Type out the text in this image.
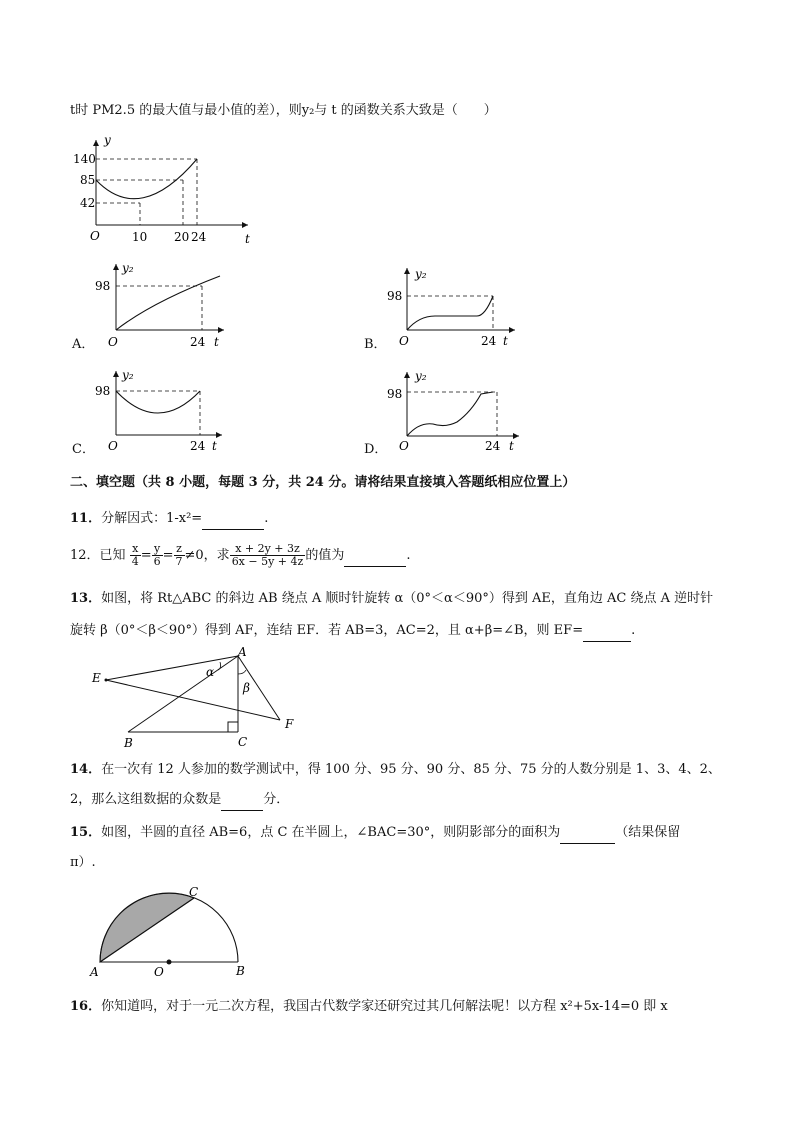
t时 PM2.5 的最大值与最小值的差），则y₂与 t 的函数关系大致是（　　）
y
t
O
140
85
42
10 20 24
A．
y₂
98
O	24 t	B．
y₂
98
O	24 t
C．
y₂
98
O	24 t	D．
y₂
98
O	24 t
二、填空题（共 8 小题，每题 3 分，共 24 分。请将结果直接填入答题纸相应位置上）
11．分解因式：1-x²=	.
12．已知 $\frac{x}{4} = \frac{y}{6} = \frac{z}{7} \ne 0$，求 $\frac{x + 2y + 3z}{6x - 5y + 4z}$ 的值为	.
13．如图，将 Rt△ABC 的斜边 AB 绕点 A 顺时针旋转 α（0°＜α＜90°）得到 AE，直角边 AC 绕点 A 逆时针
旋转 β（0°＜β＜90°）得到 AF，连结 EF．若 AB=3，AC=2，且 α+β=∠B，则 EF=	.
A
B	C
E
F
α
β
14．在一次有 12 人参加的数学测试中，得 100 分、95 分、90 分、85 分、75 分的人数分别是 1、3、4、2、
2，那么这组数据的众数是	分．
15．如图，半圆的直径 AB=6，点 C 在半圆上，∠BAC=30°，则阴影部分的面积为	（结果保留
π）.
A	B
C
O
16．你知道吗，对于一元二次方程，我国古代数学家还研究过其几何解法呢！以方程 x²+5x-14=0 即 x
